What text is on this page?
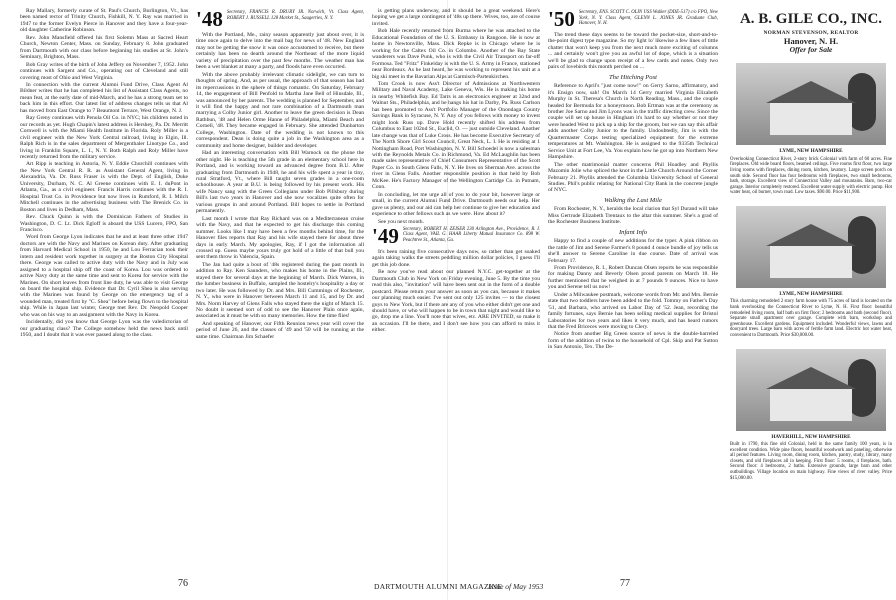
Ray Mallary, formerly curate of St. Paul's Church, Burlington, Vt., has been named rector of Trinity Church, Fishkill, N. Y. Ray was married in 1947 to the former Evelyn Pierce in Hanover and they have a four-year-old daughter Catherine Robinson.

Rev. John Mansfield offered his first Solemn Mass at Sacred Heart Church, Newton Center, Mass. on Sunday, February 8. John graduated from Dartmouth with our class before beginning his studies at St. John's Seminary, Brighton, Mass.

Bob Gray writes of the birth of John Jeffery on November 7, 1952. John continues with Sargent and Co., operating out of Cleveland and still covering most of Ohio and West Virginia.

In connection with the current Alumni Fund Drive, Class Agent Al Bildner writes that he has completed his list of Assistant Class Agents, no mean feat, at the early date of mid-March, and he has a strong team set to back him in this effort. Our latest list of address changes tells us that Al has moved from East Orange to 7 Beaumont Terrace, West Orange, N. J.

Ray Greny continues with Penola Oil Co. in NYC; his children noted in our records as yet. Hugh Chapin's latest address is Hershey, Pa. Dr. Merritt Cornwell is with the Miami Health Institute in Florida. Roly Miller is a civil engineer with the New York Central railroad, living in Elgin, Ill. Ralph Rich is in the sales department of Mergenthaler Linotype Co., and living in Franklin Square, L. I., N. Y. Both Ralph and Roly Miller have recently returned from the military service.

Art Ripp is teaching in Astoria, N. Y. Eddie Churchill continues with the New York Central R. R. as Assistant General Agent, living in Alexandria, Va. Dr. Russ Fraser is with the Dept. of English, Duke University, Durham, N. C. Al Greene continues with E. I. duPont in Atlanta, Ga., as a civil engineer. Francis Harris continues with the R. I. Hospital Trust Co. in Providence but now lives in Rumford, R. I. Milch Mitchell continues in the advertising business with The Brenick Co. in Boston and lives in Dedham, Mass.

Rev. Chuck Quinn is with the Dominican Fathers of Studies in Washington, D. C. Lt. Dick Egloff is aboard the USS Lucero, FPO, San Francisco.

Word from George Lyon indicates that he and at least three other 1947 doctors are with the Navy and Marines on Korean duty. After graduating from Harvard Medical School in 1950, he and Lou Ferracian took their intern and resident work together in surgery at the Boston City Hospital there. George was called to active duty with the Navy and in July was assigned to a hospital ship off the coast of Korea. Lou was ordered to active Navy duty at the same time and sent to Korea for service with the Marines. On short leaves from front line duty, he was able to visit George on board the hospital ship. Evidence that Dr. Cyril Shea is also serving with the Marines was found by George on the emergency tag of a wounded man, treated first by "C. Shea" before being flown to the hospital ship. While in Japan last winter, George met Rev. Dr. Neopold Cooper who was on his way to an assignment with the Navy in Korea.

Incidentally, did you know that George Lyon was the valedictorian of our graduating class? The College somehow held the news back until 1950, and I doubt that it was ever passed along to the class.

'48 Secretary, FRANCIS R. DRURY JR. Norwich, Vt. Class Agent, ROBERT J. RUSSELL 128 Market St., Saugerties, N. Y.

With the Portland, Me., rainy season apparently just about over, it is time once again to delve into the mail bag for news of '48. New England may not be getting the snow it was once accustomed to receive, but there certainly has been no dearth around the Northeast of the more liquid variety of precipitation over the past few months. The weather man has been a wet blanket at many a party, and floods have even occurred.

With the above probably irrelevant climatic sidelight, we can turn to thoughts of spring. And, as per usual, the approach of that season has had its repercussions in the sphere of things romantic. On Saturday, February 14, the engagement of Bill Penfold to Martha Jane Bell of Hinsdale, Ill., was announced by her parents. The wedding is planned for September, and it will find the happy and not rare combination of a Dartmouth man marrying a Colby Junior girl. Another to leave the green decision is Dean Rathbun, '48 and Helen Orme Hanne of Philadelphia, Miami Beach and Cornell, '48. They became engaged in February. She attended Dunbarton College, Washington. Date of the wedding is not known to this correspondent. Dean is doing quite a job in the Washington area as a community and home designer, builder and developer.

Had an interesting conversation with Bill Warnock on the phone the other night. He is teaching the 5th grade in an elementary school here in Portland, and is working toward an advanced degree from B.U. After graduating from Dartmouth in 1948, he and his wife spent a year in tiny, rural Stratford, Vt., where Bill taught seven grades in a one-room schoolhouse. A year at B.U. is being followed by his present work. His wife Nancy sang with the Green Collegians under Bob Pillsbury during Bill's last two years in Hanover and she now vocalizes quite often for various groups in and around Portland. Bill hopes to settle in Portland permanently.

Last month I wrote that Ray Richard was on a Mediterranean cruise with the Navy, and that he expected to get his discharge this coming summer. Looks like I may have been a few months behind time, for the Hanover files reports that Ray and his wife stayed there for about three days in early March. My apologies, Ray, if I got the information all crossed up. Guess maybe yours truly got hold of a little of that bull you sent them throw in Valencia, Spain.

The Jan had quite a bout of '48s registered during the past month in addition to Ray. Ken Saunders, who makes his home in the Plains, Ill., stayed there for several days at the beginning of March. Dick Warren, in the lumber business in Buffalo, sampled the hostelry's hospitality a day or two later. He was followed by Dr. and Mrs. Bill Cummings of Rochester, N. Y., who were in Hanover between March 11 and 15, and by Dr. and Mrs. Norm Harvey of Glens Falls who stayed there the night of March 15. No doubt it seemed sort of odd to see the Hanover Plain once again, associated as it must be with so many memories. How the time flies!

And speaking of Hanover, our Fifth Reunion news year will cover the period of June 26, and the classes of '49 and '50 will be running at the same time. Chairman Jim Schaefer

is getting plans underway, and it should be a great weekend. Here's hoping we get a large contingent of '48s up there. Wives, too, are of course invited.

Bob Hale recently returned from Burma where he was attached to the Educational Foundation of the U. S. Embassy in Rangoon. He is now at home in Newtonville, Mass. Dick Repke is in Chicago where he is working for the Caltex Oil Co. in Colombo. Another of the Bay State wanderers was Dave Punk, who is with the Civil Air Transport on far-off Formosa. Ted "Fritz" Finkelday is with the U. S. Army in France, stationed near Bordeaux. As he last heard, he was working to represent his unit at a big ski meet in the Bavarian Alps at Garmisch-Partenkirchen.

Tom Crook is now Ass't Director of Admissions at Northwestern Military and Naval Academy, Lake Geneva, Wis. He is making his home in nearby Whitefish Bay. Ed Tarrs is an electronics engineer at 32nd and Walnut Sts., Philadelphia, and he hangs his hat in Darby, Pa. Russ Carlson has been promoted to Ass't Portfolio Manager of the Onondaga County Savings Bank in Syracuse, N. Y. Any of you fellows with money to invest might look Russ up. Dave Hold recently shifted his address from Columbus to East 102nd St., Euclid, O. — just outside Cleveland. Another late change was that of Luke Cross. He has become Executive Secretary of The North Shore Girl Scout Council, Great Neck, L. I. He is residing at 1 Nottingham Road, Port Washington, N. Y. Bill Schoedel is now a salesman with the Reynolds Metals Co. in Richmond, Va. Ed McLaughlin has been made sales representative of Chief Consumers Representative of the Scott Paper Co. in South Glens Falls, N. Y. He lives on Sherman Ave. across the river in Glens Falls. Another responsible position is that held by Bob McKee. He's Factory Manager of the Wellington Cartidge Co. in Putnam, Conn.

In concluding, let me urge all of you to do your bit, however large or small, in the current Alumni Fund Drive. Dartmouth needs our help. Her gave us plenty, and our aid can help her continue to give her education and experience to other fellows such as we were. How about it?

See you next month.

'49 Secretary, ROBERT H. ZEISER 230 Arlington Ave., Providence, R. I. Class Agent, VAIL G. HAAR Liberty Mutual Insurance Co. 898 W. Peachtree St., Atlanta, Ga.

It's been raining five consecutive days now, so rather than get soaked again taking walks the streets peddling million dollar policies, I guess I'll get this job done.

Be now you've read about our planned N.Y.C. get-together at the Dartmouth Club in New York on Friday evening, June 5. By the time you read this also, "invitation" will have been sent out in the form of a double postcard. Please return your answer as soon as you can, because it makes our planning much easier. I've sent out only 125 invites — to the closest guys to New York, but if there are any of you who either didn't get one and should have, or who will happen to be in town that night and would like to go, drop me a line. You'll note that wives, etc. ARE INVITED, so make it an occasion. I'll be there, and I don't see how you can afford to miss it either.

'50 Secretary, ENS. SCOTT C. OLIN USS Walker (DDE-517) c/o FPO, New York, N. Y. Class Agent, GLENN L. JONES JR. Graduate Club, Hanover, N. H.

The trend these days seems to be toward the pocket-size, short-and-to-the-point digest type magazine. So my light lo' likewise a few lines of tittle chatter that won't keep you from the next much more exciting of columns ... and certainly won't give you an awful lot of dope, which is a situation we'll be glad to change upon receipt of a few cards and notes. Only two pairs of lovebirds this month perched on ...

The Hitching Post

Reference to April's "just come now!" on Gerry Sarno, affirmatory, and it's Ensign now, sah! On March 14 Gerry married Virginia Elizabeth Murphy in St. Theresa's Church in North Reading, Mass., and the couple headed for Bermuda for a honeymoon. Bob Ertman was at the ceremony as brother Joe Sarno and Jim Lyons was in the traffic directing crew. Since the couple will set up house in Hingham it's hard to say whether or not they were headed West to pick up a ship for the groom, but we can say this affair adds another Colby Junior to the family. Undoubtedly, Jim is with the Quartermaster Corps testing specialized equipment for the extreme temperatures at Mt. Washington. He is assigned to the 9335th Technical Service Unit at Fort Lee, Va. You explain how he got up into Northern New Hampshire.

The other matrimonial matter concerns Phil Hoadley and Phyllis Mazomin Jolie who spliced the knot in the Little Church Around the Corner February 21. Phyllis attended the Columbia University School of General Studies. Phil's public relating for National City Bank in the concrete jungle of NYC.

Walking the Last Mile

From Rochester, N. Y., heralds the local clarion that Syl Durand will take Miss Gertrude Elizabeth Trentaux to the altar this summer. She's a grad of the Rochester Business Institute.

Infant Info

Happy to find a couple of new additions for the typer. A pink ribbon on the rattle of Jim and Serene Farmer's 8 pound 4 ounce bundle of joy tells us she'll answer to Serene Caroline in due course. Date of arrival was February 17.

From Providence, R. I., Robert Duncan Olsen reports he was responsible for making Danny and Beverly Olsen proud parents on March 18. He further mentioned that he weighed in at 7 pounds 9 ounces. Nice to have you and Serene tell us now!

Under a Milwaukee postmark, welcome words from Mr. and Mrs. Bernie state that two toddlers have been added to the fold. Tommy on Father's Day '51, and Barbara, who arrived on Labor Day of '52. Jean, recording the family fortunes, says Bernie has been selling medical supplies for Bristol Laboratories for two years and likes it very much, and has heard rumors that the Fred Briceces were moving to Clery.

Notice from another Big Green source of news is the double-barreled form of the addition of twins to the household of Cpl. Skip and Pat Sutton in San Antonio, Tex. The De-

A. B. GILE CO., INC.
NORMAN STEVENSON, REALTOR
Hanover, N. H.
Offer for Sale
LYME, NEW HAMPSHIRE
Overlooking Connecticut River, 2-story brick Colonial with farm of 60 acres. Fine fireplaces. Old wide board floors, beamed ceilings. Five rooms first floor, two large living rooms with fireplaces, dining room, kitchen, lavatory. Large screen porch on south side. Second floor has four bedrooms with fireplaces, two small bedrooms, bath, storage. Excellent view of Connecticut Valley and mountains. Barn, two-car garage. Interior completely restored. Excellent water supply with electric pump. Hot water heat, oil burner, town road. Low taxes. $90.00. Price $11,900.
LYME, NEW HAMPSHIRE
This charming remodeled 2 story farm house with 75 acres of land is located on the bank overlooking the Connecticut River to Lyme, N. H. First floor: beautiful remodeled living room, half bath on first floor; 2 bedrooms and bath (second floor). Separate small apartment over garage. Complete with barn, workshop and greenhouse. Excellent gardens. Equipment included. Wonderful views, lawns and dooryard trees. Large barn with acres of fertile farm land. Electric hot water heat, convenient to Dartmouth. Price $30,000.00.
HAVERHILL, NEW HAMPSHIRE
Built in 1790, this fine old Colonial, held in the same family 100 years, is in excellent condition. Wide pine floors, beautiful woodwork and paneling, otherwise all period features. Living room, dining room, kitchen, pantry, study, library, many closets, and old fireplaces all in keeping. First floor: 5 rooms, 4 fireplaces, bath. Second floor: 4 bedrooms, 2 baths. Extensive grounds, large barn and other outbuildings. Village location on main highway. Fine views of river valley. Price $15,000.00.
76	DARTMOUTH ALUMNI MAGAZINE
Issue of May 1953	77
